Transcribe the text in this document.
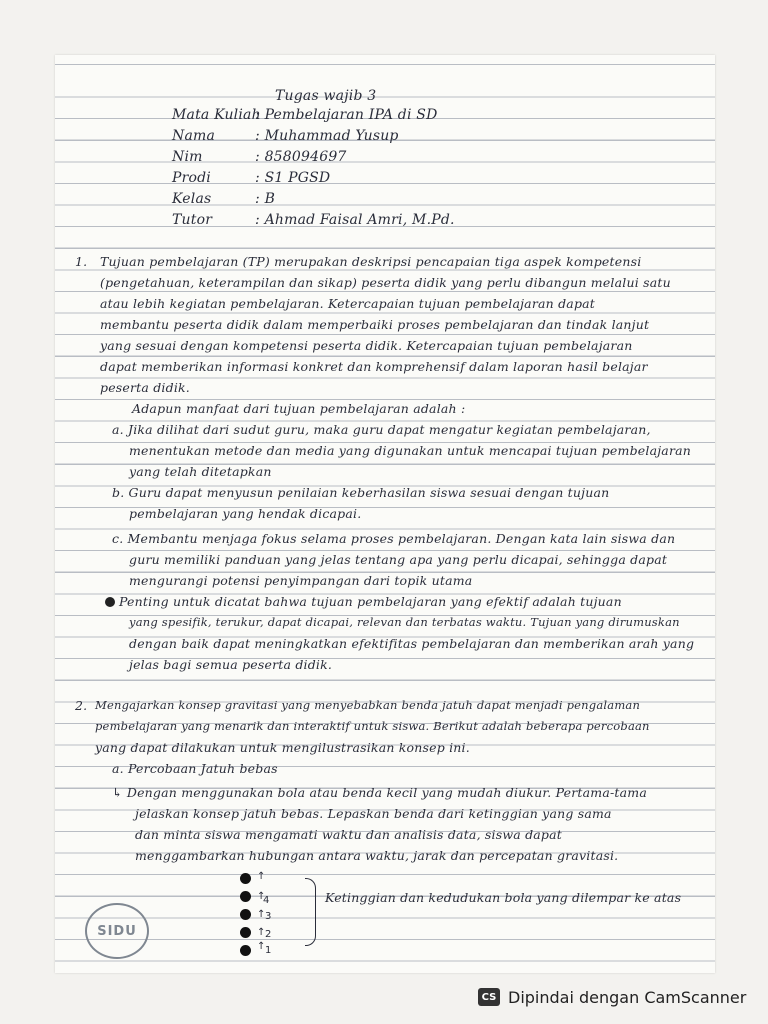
Tugas wajib 3
Mata Kuliah
: Pembelajaran IPA di SD
Nama	: Muhammad Yusup
Nim	: 858094697
Prodi	: S1 PGSD
Kelas	: B
Tutor	: Ahmad Faisal Amri, M.Pd.
1. Tujuan pembelajaran (TP) merupakan deskripsi pencapaian tiga aspek kompetensi
(pengetahuan, keterampilan dan sikap) peserta didik yang perlu dibangun melalui satu
atau lebih kegiatan pembelajaran. Ketercapaian tujuan pembelajaran dapat
membantu peserta didik dalam memperbaiki proses pembelajaran dan tindak lanjut
yang sesuai dengan kompetensi peserta didik. Ketercapaian tujuan pembelajaran
dapat memberikan informasi konkret dan komprehensif dalam laporan hasil belajar
peserta didik.
Adapun manfaat dari tujuan pembelajaran adalah :
a. Jika dilihat dari sudut guru, maka guru dapat mengatur kegiatan pembelajaran,
menentukan metode dan media yang digunakan untuk mencapai tujuan pembelajaran
yang telah ditetapkan
b. Guru dapat menyusun penilaian keberhasilan siswa sesuai dengan tujuan
pembelajaran yang hendak dicapai.
c. Membantu menjaga fokus selama proses pembelajaran. Dengan kata lain siswa dan
guru memiliki panduan yang jelas tentang apa yang perlu dicapai, sehingga dapat
mengurangi potensi penyimpangan dari topik utama
Penting untuk dicatat bahwa tujuan pembelajaran yang efektif adalah tujuan
yang spesifik, terukur, dapat dicapai, relevan dan terbatas waktu. Tujuan yang dirumuskan
dengan baik dapat meningkatkan efektifitas pembelajaran dan memberikan arah yang
jelas bagi semua peserta didik.
2. Mengajarkan konsep gravitasi yang menyebabkan benda jatuh dapat menjadi pengalaman
pembelajaran yang menarik dan interaktif untuk siswa. Berikut adalah beberapa percobaan
yang dapat dilakukan untuk mengilustrasikan konsep ini.
a. Percobaan Jatuh bebas
↳ Dengan menggunakan bola atau benda kecil yang mudah diukur. Pertama-tama
jelaskan konsep jatuh bebas. Lepaskan benda dari ketinggian yang sama
dan minta siswa mengamati waktu dan analisis data, siswa dapat
menggambarkan hubungan antara waktu, jarak dan percepatan gravitasi.
↑
↑
4
↑ 3
↑ 2
↑ 1
Ketinggian dan kedudukan bola yang dilempar ke atas
SIDU
CS Dipindai dengan CamScanner
